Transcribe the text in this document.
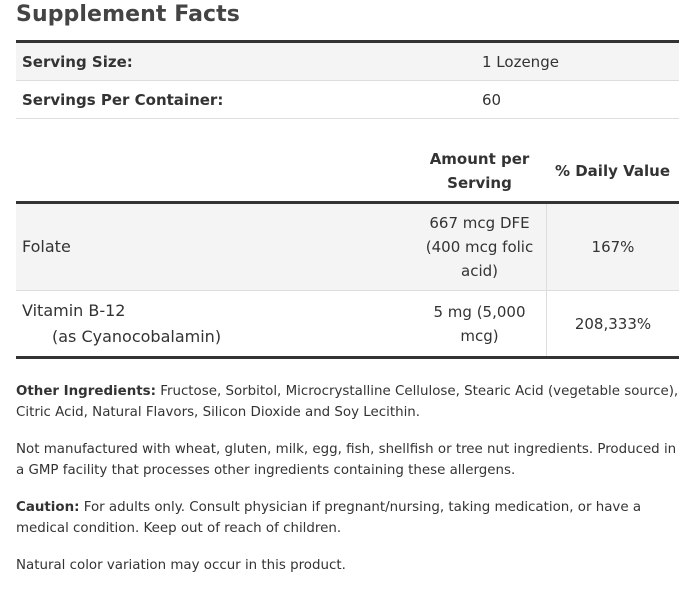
Supplement Facts
Serving Size:	1 Lozenge
Servings Per Container:	60
Amount per Serving
% Daily Value
Folate
667 mcg DFE (400 mcg folic acid)
167%
Vitamin B-12
(as Cyanocobalamin)
5 mg (5,000 mcg)
208,333%

Other Ingredients: Fructose, Sorbitol, Microcrystalline Cellulose, Stearic Acid (vegetable source), Citric Acid, Natural Flavors, Silicon Dioxide and Soy Lecithin.

Not manufactured with wheat, gluten, milk, egg, fish, shellfish or tree nut ingredients. Produced in a GMP facility that processes other ingredients containing these allergens.

Caution: For adults only. Consult physician if pregnant/nursing, taking medication, or have a medical condition. Keep out of reach of children.

Natural color variation may occur in this product.
